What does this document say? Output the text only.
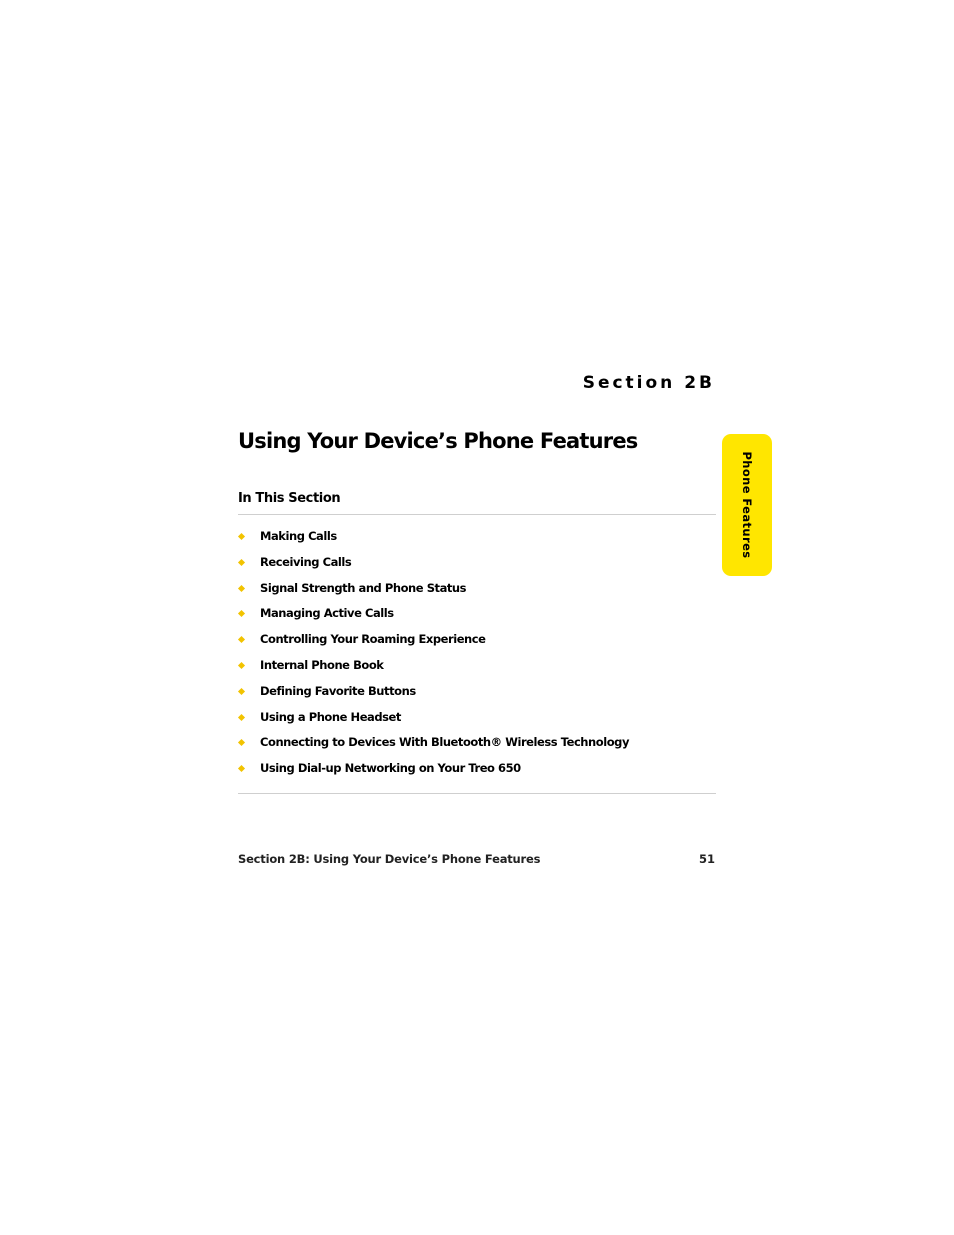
Section 2B
Using Your Device’s Phone Features
Phone Features
In This Section
Making Calls
Receiving Calls
Signal Strength and Phone Status
Managing Active Calls
Controlling Your Roaming Experience
Internal Phone Book
Defining Favorite Buttons
Using a Phone Headset
Connecting to Devices With Bluetooth® Wireless Technology
Using Dial-up Networking on Your Treo 650
Section 2B: Using Your Device’s Phone Features	51
